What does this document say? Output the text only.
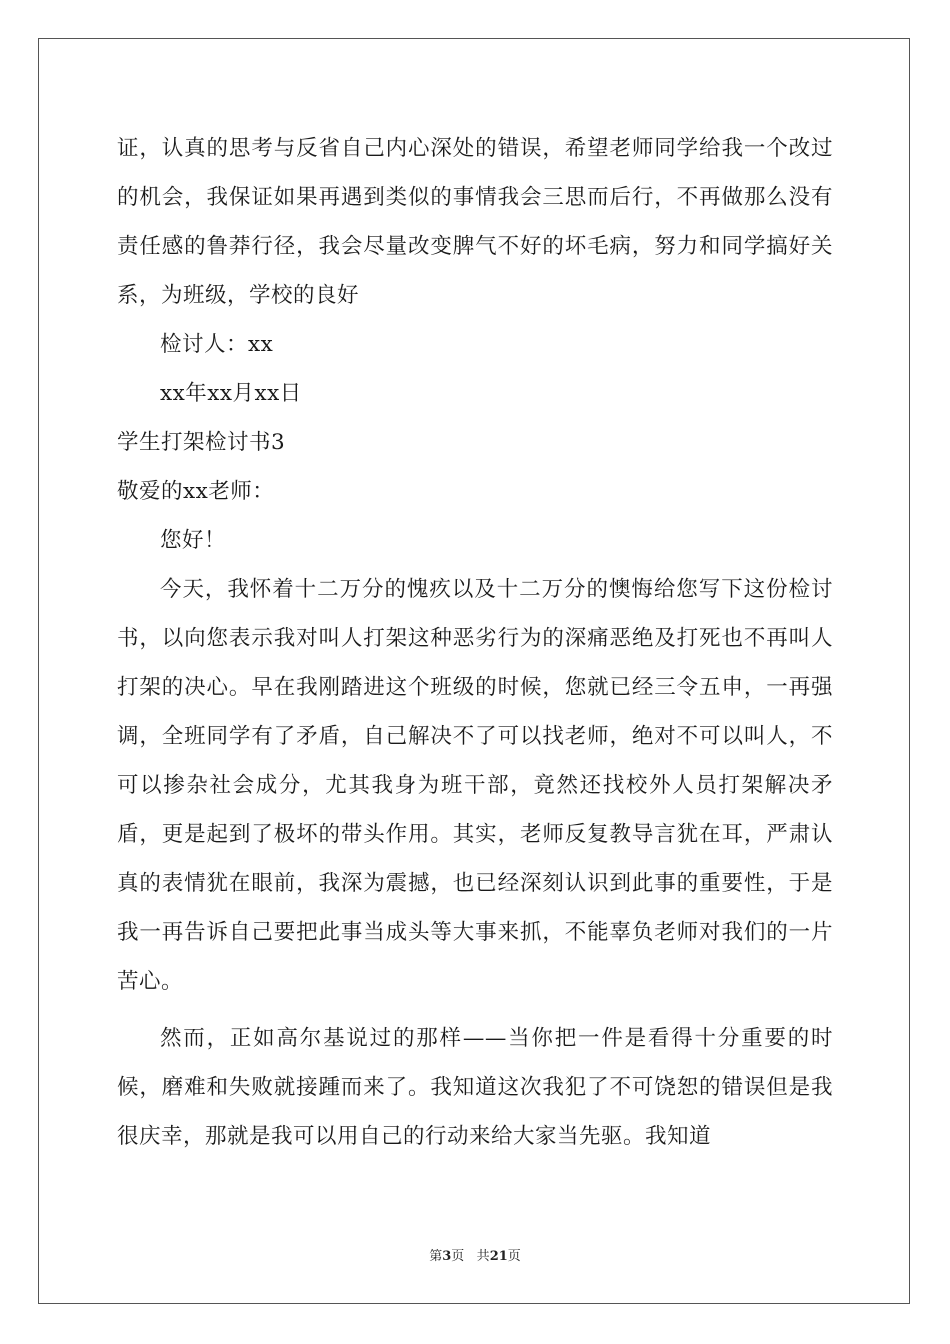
证，认真的思考与反省自己内心深处的错误，希望老师同学给我一个改过的机会，我保证如果再遇到类似的事情我会三思而后行，不再做那么没有责任感的鲁莽行径，我会尽量改变脾气不好的坏毛病，努力和同学搞好关系，为班级，学校的良好

检讨人：xx

xx年xx月xx日

学生打架检讨书3

敬爱的xx老师：

您好！

今天，我怀着十二万分的愧疚以及十二万分的懊悔给您写下这份检讨书，以向您表示我对叫人打架这种恶劣行为的深痛恶绝及打死也不再叫人打架的决心。早在我刚踏进这个班级的时候，您就已经三令五申，一再强调，全班同学有了矛盾，自己解决不了可以找老师，绝对不可以叫人，不可以掺杂社会成分，尤其我身为班干部，竟然还找校外人员打架解决矛盾，更是起到了极坏的带头作用。其实，老师反复教导言犹在耳，严肃认真的表情犹在眼前，我深为震撼，也已经深刻认识到此事的重要性，于是我一再告诉自己要把此事当成头等大事来抓，不能辜负老师对我们的一片苦心。

然而，正如高尔基说过的那样——当你把一件是看得十分重要的时候，磨难和失败就接踵而来了。我知道这次我犯了不可饶恕的错误但是我很庆幸，那就是我可以用自己的行动来给大家当先驱。我知道

第3页 共21页
